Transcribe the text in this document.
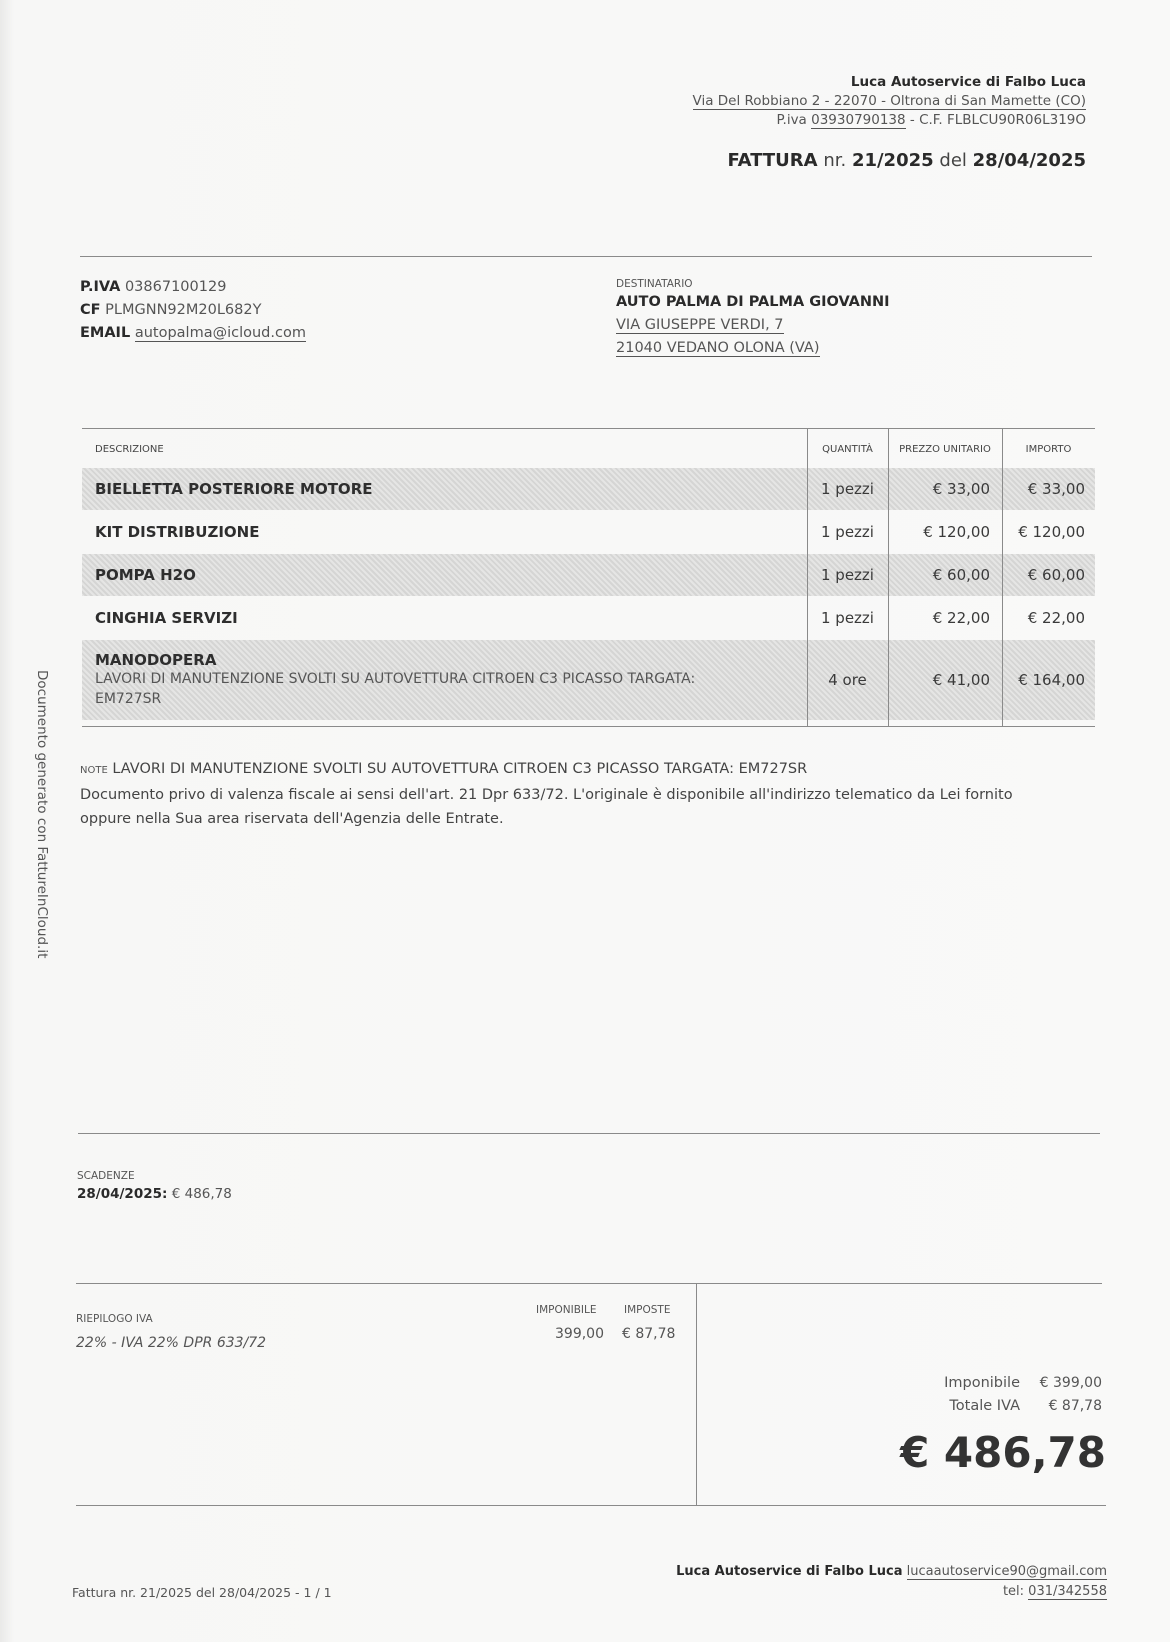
Luca Autoservice di Falbo Luca
Via Del Robbiano 2 - 22070 - Oltrona di San Mamette (CO)
P.iva 03930790138 - C.F. FLBLCU90R06L319O
FATTURA nr. 21/2025 del 28/04/2025
P.IVA 03867100129
CF PLMGNN92M20L682Y
EMAIL autopalma@icloud.com
DESTINATARIO
AUTO PALMA DI PALMA GIOVANNI
VIA GIUSEPPE VERDI, 7
21040 VEDANO OLONA (VA)
DESCRIZIONE	QUANTITÀ	PREZZO UNITARIO	IMPORTO
BIELLETTA POSTERIORE MOTORE	1 pezzi	€ 33,00	€ 33,00
KIT DISTRIBUZIONE	1 pezzi	€ 120,00	€ 120,00
POMPA H2O	1 pezzi	€ 60,00	€ 60,00
CINGHIA SERVIZI	1 pezzi	€ 22,00	€ 22,00
MANODOPERA
LAVORI DI MANUTENZIONE SVOLTI SU AUTOVETTURA CITROEN C3 PICASSO TARGATA:
EM727SR
4 ore	€ 41,00	€ 164,00
NOTE LAVORI DI MANUTENZIONE SVOLTI SU AUTOVETTURA CITROEN C3 PICASSO TARGATA: EM727SR
Documento privo di valenza fiscale ai sensi dell'art. 21 Dpr 633/72. L'originale è disponibile all'indirizzo telematico da Lei fornito
oppure nella Sua area riservata dell'Agenzia delle Entrate.
Documento generato con FattureInCloud.it
SCADENZE
28/04/2025: € 486,78
RIEPILOGO IVA
22% - IVA 22% DPR 633/72
IMPONIBILE	IMPOSTE
399,00 € 87,78
Imponibile	€ 399,00
Totale IVA	€ 87,78
€ 486,78
Fattura nr. 21/2025 del 28/04/2025 - 1 / 1
Luca Autoservice di Falbo Luca lucaautoservice90@gmail.com
tel: 031/342558
